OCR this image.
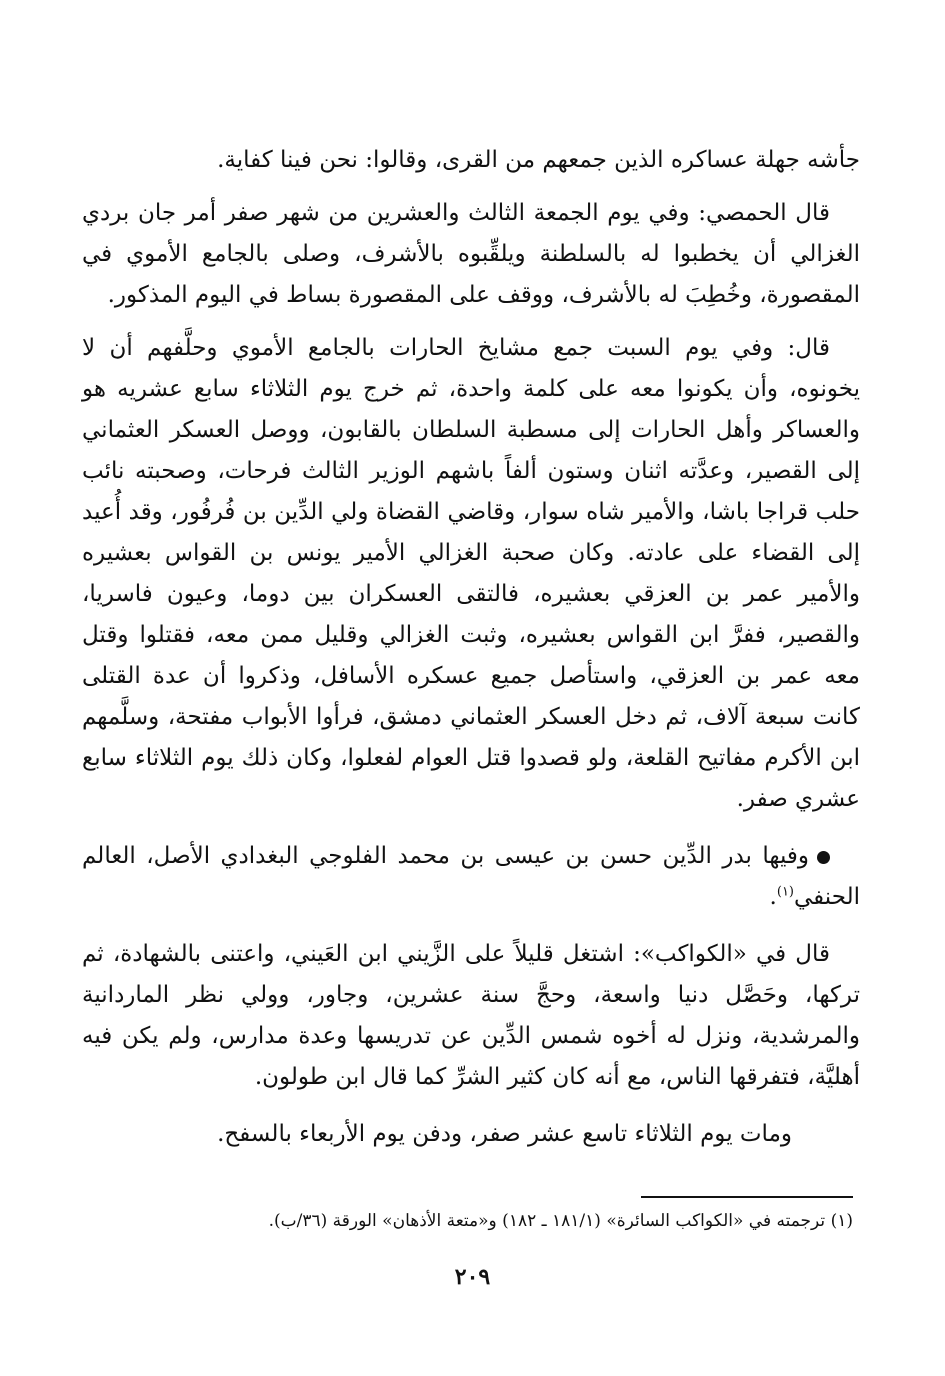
جأشه جهلة عساكره الذين جمعهم من القرى، وقالوا: نحن فينا كفاية.

قال الحمصي: وفي يوم الجمعة الثالث والعشرين من شهر صفر أمر جان بردي الغزالي أن يخطبوا له بالسلطنة ويلقِّبوه بالأشرف، وصلى بالجامع الأموي في المقصورة، وخُطِبَ له بالأشرف، ووقف على المقصورة بساط في اليوم المذكور.

قال: وفي يوم السبت جمع مشايخ الحارات بالجامع الأموي وحلَّفهم أن لا يخونوه، وأن يكونوا معه على كلمة واحدة، ثم خرج يوم الثلاثاء سابع عشريه هو والعساكر وأهل الحارات إلى مسطبة السلطان بالقابون، ووصل العسكر العثماني إلى القصير، وعدَّته اثنان وستون ألفاً باشهم الوزير الثالث فرحات، وصحبته نائب حلب قراجا باشا، والأمير شاه سوار، وقاضي القضاة ولي الدِّين بن فُرفُور، وقد أُعيد إلى القضاء على عادته. وكان صحبة الغزالي الأمير يونس بن القواس بعشيره والأمير عمر بن العزقي بعشيره، فالتقى العسكران بين دوما، وعيون فاسريا، والقصير، ففرَّ ابن القواس بعشيره، وثبت الغزالي وقليل ممن معه، فقتلوا وقتل معه عمر بن العزقي، واستأصل جميع عسكره الأسافل، وذكروا أن عدة القتلى كانت سبعة آلاف، ثم دخل العسكر العثماني دمشق، فرأوا الأبواب مفتحة، وسلَّمهم ابن الأكرم مفاتيح القلعة، ولو قصدوا قتل العوام لفعلوا، وكان ذلك يوم الثلاثاء سابع عشري صفر.

وفيها بدر الدِّين حسن بن عيسى بن محمد الفلوجي البغدادي الأصل، العالم الحنفي$^{(١)}$.

قال في «الكواكب»: اشتغل قليلاً على الزَّيني ابن العَيني، واعتنى بالشهادة، ثم تركها، وحَصَّل دنيا واسعة، وحجَّ سنة عشرين، وجاور، وولي نظر الماردانية والمرشدية، ونزل له أخوه شمس الدِّين عن تدريسها وعدة مدارس، ولم يكن فيه أهليَّة، فتفرقها الناس، مع أنه كان كثير الشرِّ كما قال ابن طولون.

ومات يوم الثلاثاء تاسع عشر صفر، ودفن يوم الأربعاء بالسفح.

(١) ترجمته في «الكواكب السائرة» (١٨١/١ ـ ١٨٢) و«متعة الأذهان» الورقة (٣٦/ب).
٢٠٩
